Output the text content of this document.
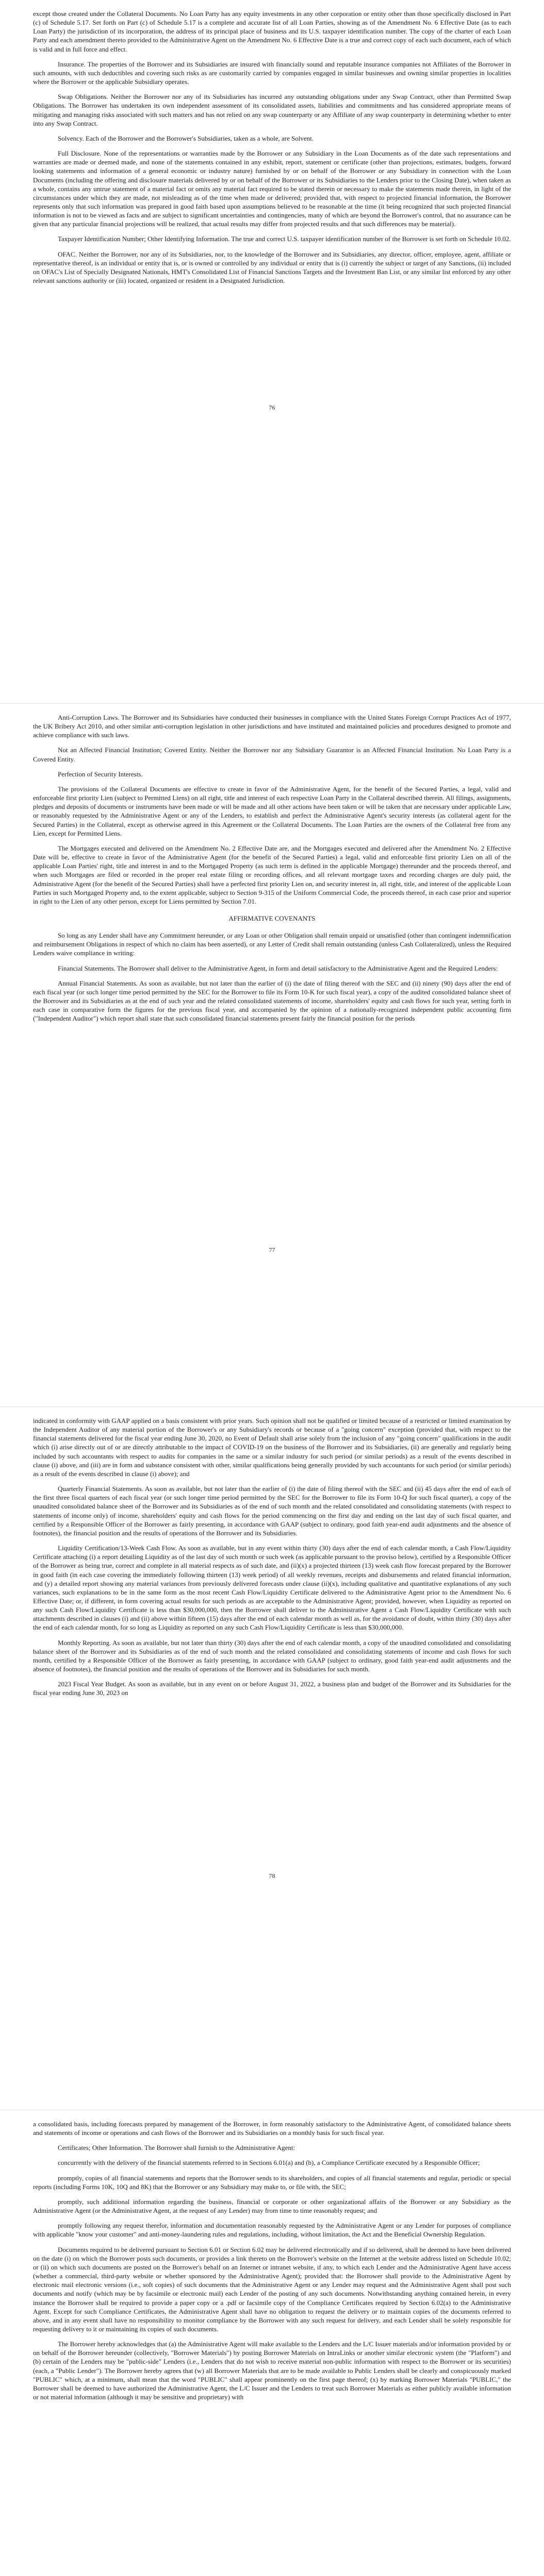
except those created under the Collateral Documents. No Loan Party has any equity investments in any other corporation or entity other than those specifically disclosed in Part (c) of Schedule 5.17. Set forth on Part (c) of Schedule 5.17 is a complete and accurate list of all Loan Parties, showing as of the Amendment No. 6 Effective Date (as to each Loan Party) the jurisdiction of its incorporation, the address of its principal place of business and its U.S. taxpayer identification number. The copy of the charter of each Loan Party and each amendment thereto provided to the Administrative Agent on the Amendment No. 6 Effective Date is a true and correct copy of each such document, each of which is valid and in full force and effect.

Insurance. The properties of the Borrower and its Subsidiaries are insured with financially sound and reputable insurance companies not Affiliates of the Borrower in such amounts, with such deductibles and covering such risks as are customarily carried by companies engaged in similar businesses and owning similar properties in localities where the Borrower or the applicable Subsidiary operates.

Swap Obligations. Neither the Borrower nor any of its Subsidiaries has incurred any outstanding obligations under any Swap Contract, other than Permitted Swap Obligations. The Borrower has undertaken its own independent assessment of its consolidated assets, liabilities and commitments and has considered appropriate means of mitigating and managing risks associated with such matters and has not relied on any swap counterparty or any Affiliate of any swap counterparty in determining whether to enter into any Swap Contract.

Solvency. Each of the Borrower and the Borrower's Subsidiaries, taken as a whole, are Solvent.

Full Disclosure. None of the representations or warranties made by the Borrower or any Subsidiary in the Loan Documents as of the date such representations and warranties are made or deemed made, and none of the statements contained in any exhibit, report, statement or certificate (other than projections, estimates, budgets, forward looking statements and information of a general economic or industry nature) furnished by or on behalf of the Borrower or any Subsidiary in connection with the Loan Documents (including the offering and disclosure materials delivered by or on behalf of the Borrower or its Subsidiaries to the Lenders prior to the Closing Date), when taken as a whole, contains any untrue statement of a material fact or omits any material fact required to be stated therein or necessary to make the statements made therein, in light of the circumstances under which they are made, not misleading as of the time when made or delivered; provided that, with respect to projected financial information, the Borrower represents only that such information was prepared in good faith based upon assumptions believed to be reasonable at the time (it being recognized that such projected financial information is not to be viewed as facts and are subject to significant uncertainties and contingencies, many of which are beyond the Borrower's control, that no assurance can be given that any particular financial projections will be realized, that actual results may differ from projected results and that such differences may be material).

Taxpayer Identification Number; Other Identifying Information. The true and correct U.S. taxpayer identification number of the Borrower is set forth on Schedule 10.02.

OFAC. Neither the Borrower, nor any of its Subsidiaries, nor, to the knowledge of the Borrower and its Subsidiaries, any director, officer, employee, agent, affiliate or representative thereof, is an individual or entity that is, or is owned or controlled by any individual or entity that is (i) currently the subject or target of any Sanctions, (ii) included on OFAC's List of Specially Designated Nationals, HMT's Consolidated List of Financial Sanctions Targets and the Investment Ban List, or any similar list enforced by any other relevant sanctions authority or (iii) located, organized or resident in a Designated Jurisdiction.

76

Anti-Corruption Laws. The Borrower and its Subsidiaries have conducted their businesses in compliance with the United States Foreign Corrupt Practices Act of 1977, the UK Bribery Act 2010, and other similar anti-corruption legislation in other jurisdictions and have instituted and maintained policies and procedures designed to promote and achieve compliance with such laws.

Not an Affected Financial Institution; Covered Entity. Neither the Borrower nor any Subsidiary Guarantor is an Affected Financial Institution. No Loan Party is a Covered Entity.

Perfection of Security Interests.

The provisions of the Collateral Documents are effective to create in favor of the Administrative Agent, for the benefit of the Secured Parties, a legal, valid and enforceable first priority Lien (subject to Permitted Liens) on all right, title and interest of each respective Loan Party in the Collateral described therein. All filings, assignments, pledges and deposits of documents or instruments have been made or will be made and all other actions have been taken or will be taken that are necessary under applicable Law, or reasonably requested by the Administrative Agent or any of the Lenders, to establish and perfect the Administrative Agent's security interests (as collateral agent for the Secured Parties) in the Collateral, except as otherwise agreed in this Agreement or the Collateral Documents. The Loan Parties are the owners of the Collateral free from any Lien, except for Permitted Liens.

The Mortgages executed and delivered on the Amendment No. 2 Effective Date are, and the Mortgages executed and delivered after the Amendment No. 2 Effective Date will be, effective to create in favor of the Administrative Agent (for the benefit of the Secured Parties) a legal, valid and enforceable first priority Lien on all of the applicable Loan Parties' right, title and interest in and to the Mortgaged Property (as such term is defined in the applicable Mortgage) thereunder and the proceeds thereof, and when such Mortgages are filed or recorded in the proper real estate filing or recording offices, and all relevant mortgage taxes and recording charges are duly paid, the Administrative Agent (for the benefit of the Secured Parties) shall have a perfected first priority Lien on, and security interest in, all right, title, and interest of the applicable Loan Parties in such Mortgaged Property and, to the extent applicable, subject to Section 9-315 of the Uniform Commercial Code, the proceeds thereof, in each case prior and superior in right to the Lien of any other person, except for Liens permitted by Section 7.01.

AFFIRMATIVE COVENANTS

So long as any Lender shall have any Commitment hereunder, or any Loan or other Obligation shall remain unpaid or unsatisfied (other than contingent indemnification and reimbursement Obligations in respect of which no claim has been asserted), or any Letter of Credit shall remain outstanding (unless Cash Collateralized), unless the Required Lenders waive compliance in writing:

Financial Statements. The Borrower shall deliver to the Administrative Agent, in form and detail satisfactory to the Administrative Agent and the Required Lenders:

Annual Financial Statements. As soon as available, but not later than the earlier of (i) the date of filing thereof with the SEC and (ii) ninety (90) days after the end of each fiscal year (or such longer time period permitted by the SEC for the Borrower to file its Form 10-K for such fiscal year), a copy of the audited consolidated balance sheet of the Borrower and its Subsidiaries as at the end of such year and the related consolidated statements of income, shareholders' equity and cash flows for such year, setting forth in each case in comparative form the figures for the previous fiscal year, and accompanied by the opinion of a nationally-recognized independent public accounting firm ("Independent Auditor") which report shall state that such consolidated financial statements present fairly the financial position for the periods

77

indicated in conformity with GAAP applied on a basis consistent with prior years. Such opinion shall not be qualified or limited because of a restricted or limited examination by the Independent Auditor of any material portion of the Borrower's or any Subsidiary's records or because of a "going concern" exception (provided that, with respect to the financial statements delivered for the fiscal year ending June 30, 2020, no Event of Default shall arise solely from the inclusion of any "going concern" qualifications in the audit which (i) arise directly out of or are directly attributable to the impact of COVID-19 on the business of the Borrower and its Subsidiaries, (ii) are generally and regularly being included by such accountants with respect to audits for companies in the same or a similar industry for such period (or similar periods) as a result of the events described in clause (i) above, and (iii) are in form and substance consistent with other, similar qualifications being generally provided by such accountants for such period (or similar periods) as a result of the events described in clause (i) above); and

Quarterly Financial Statements. As soon as available, but not later than the earlier of (i) the date of filing thereof with the SEC and (ii) 45 days after the end of each of the first three fiscal quarters of each fiscal year (or such longer time period permitted by the SEC for the Borrower to file its Form 10-Q for such fiscal quarter), a copy of the unaudited consolidated balance sheet of the Borrower and its Subsidiaries as of the end of such month and the related consolidated and consolidating statements (with respect to statements of income only) of income, shareholders' equity and cash flows for the period commencing on the first day and ending on the last day of such fiscal quarter, and certified by a Responsible Officer of the Borrower as fairly presenting, in accordance with GAAP (subject to ordinary, good faith year-end audit adjustments and the absence of footnotes), the financial position and the results of operations of the Borrower and its Subsidiaries.

Liquidity Certification/13-Week Cash Flow. As soon as available, but in any event within thirty (30) days after the end of each calendar month, a Cash Flow/Liquidity Certificate attaching (i) a report detailing Liquidity as of the last day of such month or such week (as applicable pursuant to the proviso below), certified by a Responsible Officer of the Borrower as being true, correct and complete in all material respects as of such date, and (ii)(x) a projected thirteen (13) week cash flow forecast prepared by the Borrower in good faith (in each case covering the immediately following thirteen (13) week period) of all weekly revenues, receipts and disbursements and related financial information, and (y) a detailed report showing any material variances from previously delivered forecasts under clause (ii)(x), including qualitative and quantitative explanations of any such variances, such explanations to be in the same form as the most recent Cash Flow/Liquidity Certificate delivered to the Administrative Agent prior to the Amendment No. 6 Effective Date; or, if different, in form covering actual results for such periods as are acceptable to the Administrative Agent; provided, however, when Liquidity as reported on any such Cash Flow/Liquidity Certificate is less than $30,000,000, then the Borrower shall deliver to the Administrative Agent a Cash Flow/Liquidity Certificate with such attachments described in clauses (i) and (ii) above within fifteen (15) days after the end of each calendar month as well as, for the avoidance of doubt, within thirty (30) days after the end of each calendar month, for so long as Liquidity as reported on any such Cash Flow/Liquidity Certificate is less than $30,000,000.

Monthly Reporting. As soon as available, but not later than thirty (30) days after the end of each calendar month, a copy of the unaudited consolidated and consolidating balance sheet of the Borrower and its Subsidiaries as of the end of such month and the related consolidated and consolidating statements of income and cash flows for such month, certified by a Responsible Officer of the Borrower as fairly presenting, in accordance with GAAP (subject to ordinary, good faith year-end audit adjustments and the absence of footnotes), the financial position and the results of operations of the Borrower and its Subsidiaries for such month.

2023 Fiscal Year Budget. As soon as available, but in any event on or before August 31, 2022, a business plan and budget of the Borrower and its Subsidiaries for the fiscal year ending June 30, 2023 on

78

a consolidated basis, including forecasts prepared by management of the Borrower, in form reasonably satisfactory to the Administrative Agent, of consolidated balance sheets and statements of income or operations and cash flows of the Borrower and its Subsidiaries on a monthly basis for such fiscal year.

Certificates; Other Information. The Borrower shall furnish to the Administrative Agent:

concurrently with the delivery of the financial statements referred to in Sections 6.01(a) and (b), a Compliance Certificate executed by a Responsible Officer;

promptly, copies of all financial statements and reports that the Borrower sends to its shareholders, and copies of all financial statements and regular, periodic or special reports (including Forms 10K, 10Q and 8K) that the Borrower or any Subsidiary may make to, or file with, the SEC;

promptly, such additional information regarding the business, financial or corporate or other organizational affairs of the Borrower or any Subsidiary as the Administrative Agent (or the Administrative Agent, at the request of any Lender) may from time to time reasonably request; and

promptly following any request therefor, information and documentation reasonably requested by the Administrative Agent or any Lender for purposes of compliance with applicable "know your customer" and anti-money-laundering rules and regulations, including, without limitation, the Act and the Beneficial Ownership Regulation.

Documents required to be delivered pursuant to Section 6.01 or Section 6.02 may be delivered electronically and if so delivered, shall be deemed to have been delivered on the date (i) on which the Borrower posts such documents, or provides a link thereto on the Borrower's website on the Internet at the website address listed on Schedule 10.02; or (ii) on which such documents are posted on the Borrower's behalf on an Internet or intranet website, if any, to which each Lender and the Administrative Agent have access (whether a commercial, third-party website or whether sponsored by the Administrative Agent); provided that: the Borrower shall provide to the Administrative Agent by electronic mail electronic versions (i.e., soft copies) of such documents that the Administrative Agent or any Lender may request and the Administrative Agent shall post such documents and notify (which may be by facsimile or electronic mail) each Lender of the posting of any such documents. Notwithstanding anything contained herein, in every instance the Borrower shall be required to provide a paper copy or a .pdf or facsimile copy of the Compliance Certificates required by Section 6.02(a) to the Administrative Agent. Except for such Compliance Certificates, the Administrative Agent shall have no obligation to request the delivery or to maintain copies of the documents referred to above, and in any event shall have no responsibility to monitor compliance by the Borrower with any such request for delivery, and each Lender shall be solely responsible for requesting delivery to it or maintaining its copies of such documents.

The Borrower hereby acknowledges that (a) the Administrative Agent will make available to the Lenders and the L/C Issuer materials and/or information provided by or on behalf of the Borrower hereunder (collectively, "Borrower Materials") by posting Borrower Materials on IntraLinks or another similar electronic system (the "Platform") and (b) certain of the Lenders may be "public-side" Lenders (i.e., Lenders that do not wish to receive material non-public information with respect to the Borrower or its securities) (each, a "Public Lender"). The Borrower hereby agrees that (w) all Borrower Materials that are to be made available to Public Lenders shall be clearly and conspicuously marked "PUBLIC" which, at a minimum, shall mean that the word "PUBLIC" shall appear prominently on the first page thereof; (x) by marking Borrower Materials "PUBLIC," the Borrower shall be deemed to have authorized the Administrative Agent, the L/C Issuer and the Lenders to treat such Borrower Materials as either publicly available information or not material information (although it may be sensitive and proprietary) with
